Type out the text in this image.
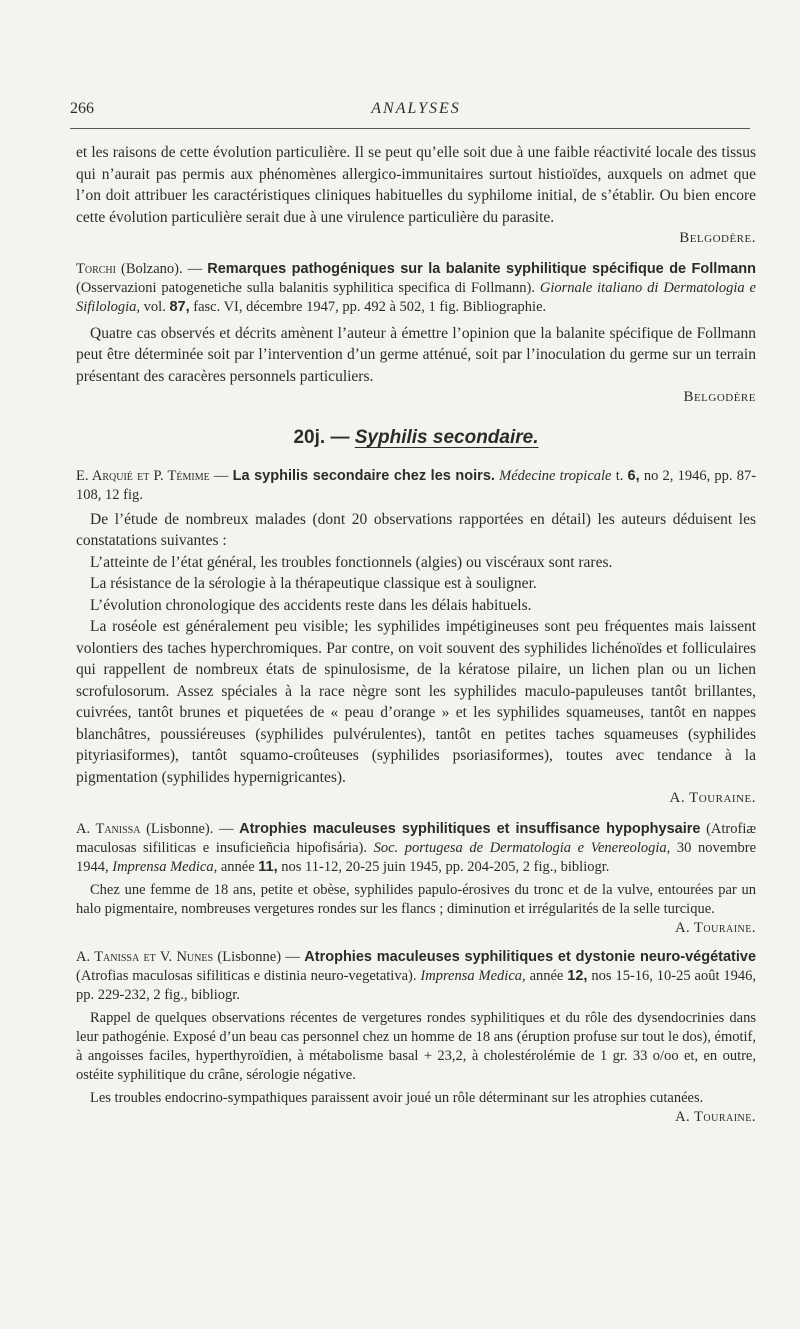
266	ANALYSES

et les raisons de cette évolution particulière. Il se peut qu’elle soit due à une faible réactivité locale des tissus qui n’aurait pas permis aux phénomènes allergico-immunitaires surtout histioïdes, auxquels on admet que l’on doit attribuer les caractéristiques cliniques habituelles du syphilome initial, de s’établir. Ou bien encore cette évolution particulière serait due à une virulence particulière du parasite.

Belgodère.

Torchi (Bolzano). — Remarques pathogéniques sur la balanite syphilitique spécifique de Follmann (Osservazioni patogenetiche sulla balanitis syphilitica specifica di Follmann). Giornale italiano di Dermatologia e Sifilologia, vol. 87, fasc. VI, décembre 1947, pp. 492 à 502, 1 fig. Bibliographie.

Quatre cas observés et décrits amènent l’auteur à émettre l’opinion que la balanite spécifique de Follmann peut être déterminée soit par l’intervention d’un germe atténué, soit par l’inoculation du germe sur un terrain présentant des caracères personnels particuliers.

Belgodère

20j. — Syphilis secondaire.

E. Arquié et P. Témime — La syphilis secondaire chez les noirs. Médecine tropicale t. 6, no 2, 1946, pp. 87-108, 12 fig.

De l’étude de nombreux malades (dont 20 observations rapportées en détail) les auteurs déduisent les constatations suivantes :

L’atteinte de l’état général, les troubles fonctionnels (algies) ou viscéraux sont rares.

La résistance de la sérologie à la thérapeutique classique est à souligner.

L’évolution chronologique des accidents reste dans les délais habituels.

La roséole est généralement peu visible; les syphilides impétigineuses sont peu fréquentes mais laissent volontiers des taches hyperchromiques. Par contre, on voit souvent des syphilides lichénoïdes et folliculaires qui rappellent de nombreux états de spinulosisme, de la kératose pilaire, un lichen plan ou un lichen scrofulosorum. Assez spéciales à la race nègre sont les syphilides maculo-papuleuses tantôt brillantes, cuivrées, tantôt brunes et piquetées de « peau d’orange » et les syphilides squameuses, tantôt en nappes blanchâtres, poussiéreuses (syphilides pulvérulentes), tantôt en petites taches squameuses (syphilides pityriasiformes), tantôt squamo-croûteuses (syphilides psoriasiformes), toutes avec tendance à la pigmentation (syphilides hypernigricantes).

A. Touraine.

A. Tanissa (Lisbonne). — Atrophies maculeuses syphilitiques et insuffisance hypophysaire (Atrofiæ maculosas sifiliticas e insuficieñcia hipofisária). Soc. portugesa de Dermatologia e Venereologia, 30 novembre 1944, Imprensa Medica, année 11, nos 11-12, 20-25 juin 1945, pp. 204-205, 2 fig., bibliogr.

Chez une femme de 18 ans, petite et obèse, syphilides papulo-érosives du tronc et de la vulve, entourées par un halo pigmentaire, nombreuses vergetures rondes sur les flancs ; diminution et irrégularités de la selle turcique.

A. Touraine.

A. Tanissa et V. Nunes (Lisbonne) — Atrophies maculeuses syphilitiques et dystonie neuro-végétative (Atrofias maculosas sifiliticas e distinia neuro-vegetativa). Imprensa Medica, année 12, nos 15-16, 10-25 août 1946, pp. 229-232, 2 fig., bibliogr.

Rappel de quelques observations récentes de vergetures rondes syphilitiques et du rôle des dysendocrinies dans leur pathogénie. Exposé d’un beau cas personnel chez un homme de 18 ans (éruption profuse sur tout le dos), émotif, à angoisses faciles, hyperthyroïdien, à métabolisme basal + 23,2, à cholestérolémie de 1 gr. 33 o/oo et, en outre, ostéite syphilitique du crâne, sérologie négative.

Les troubles endocrino-sympathiques paraissent avoir joué un rôle déterminant sur les atrophies cutanées.

A. Touraine.
